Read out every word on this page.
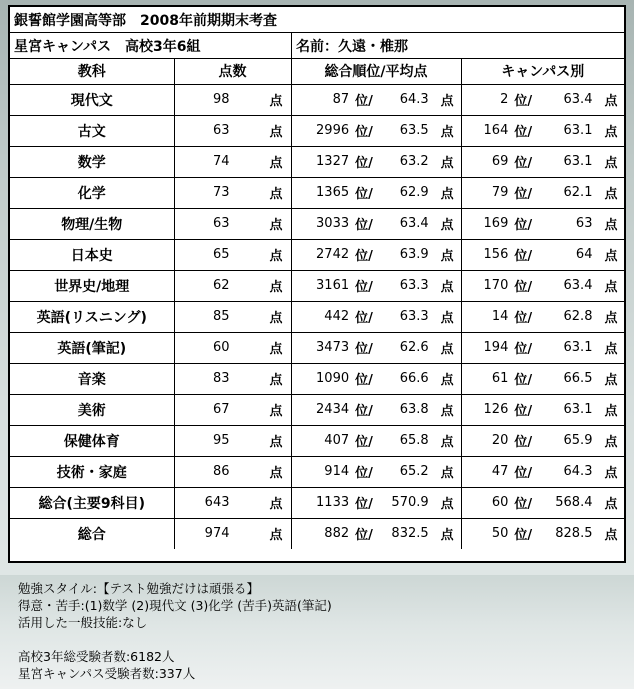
銀誓館学園高等部　2008年前期期末考査
星宮キャンパス　高校3年6組	名前： 久遠・椎那
教科	点数	総合順位/平均点	キャンパス別
現代文	98 点	87 位/ 64.3 点	2 位/ 63.4 点

古文	63 点	2996 位/ 63.5 点	164 位/ 63.1 点

数学	74 点	1327 位/ 63.2 点	69 位/ 63.1 点

化学	73 点	1365 位/ 62.9 点	79 位/ 62.1 点

物理/生物	63 点	3033 位/ 63.4 点	169 位/ 63 点

日本史	65 点	2742 位/ 63.9 点	156 位/ 64 点

世界史/地理	62 点	3161 位/ 63.3 点	170 位/ 63.4 点

英語(リスニング)	85 点	442 位/ 63.3 点	14 位/ 62.8 点

英語(筆記)	60 点	3473 位/ 62.6 点	194 位/ 63.1 点

音楽	83 点	1090 位/ 66.6 点	61 位/ 66.5 点

美術	67 点	2434 位/ 63.8 点	126 位/ 63.1 点

保健体育	95 点	407 位/ 65.8 点	20 位/ 65.9 点

技術・家庭	86 点	914 位/ 65.2 点	47 位/ 64.3 点

総合(主要9科目)	643 点	1133 位/ 570.9 点	60 位/ 568.4 点

総合	974 点	882 位/ 832.5 点	50 位/ 828.5 点
勉強スタイル:【テスト勉強だけは頑張る】
得意・苦手:(1)数学 (2)現代文 (3)化学 (苦手)英語(筆記)
活用した一般技能:なし
高校3年総受験者数:6182人
星宮キャンパス受験者数:337人
